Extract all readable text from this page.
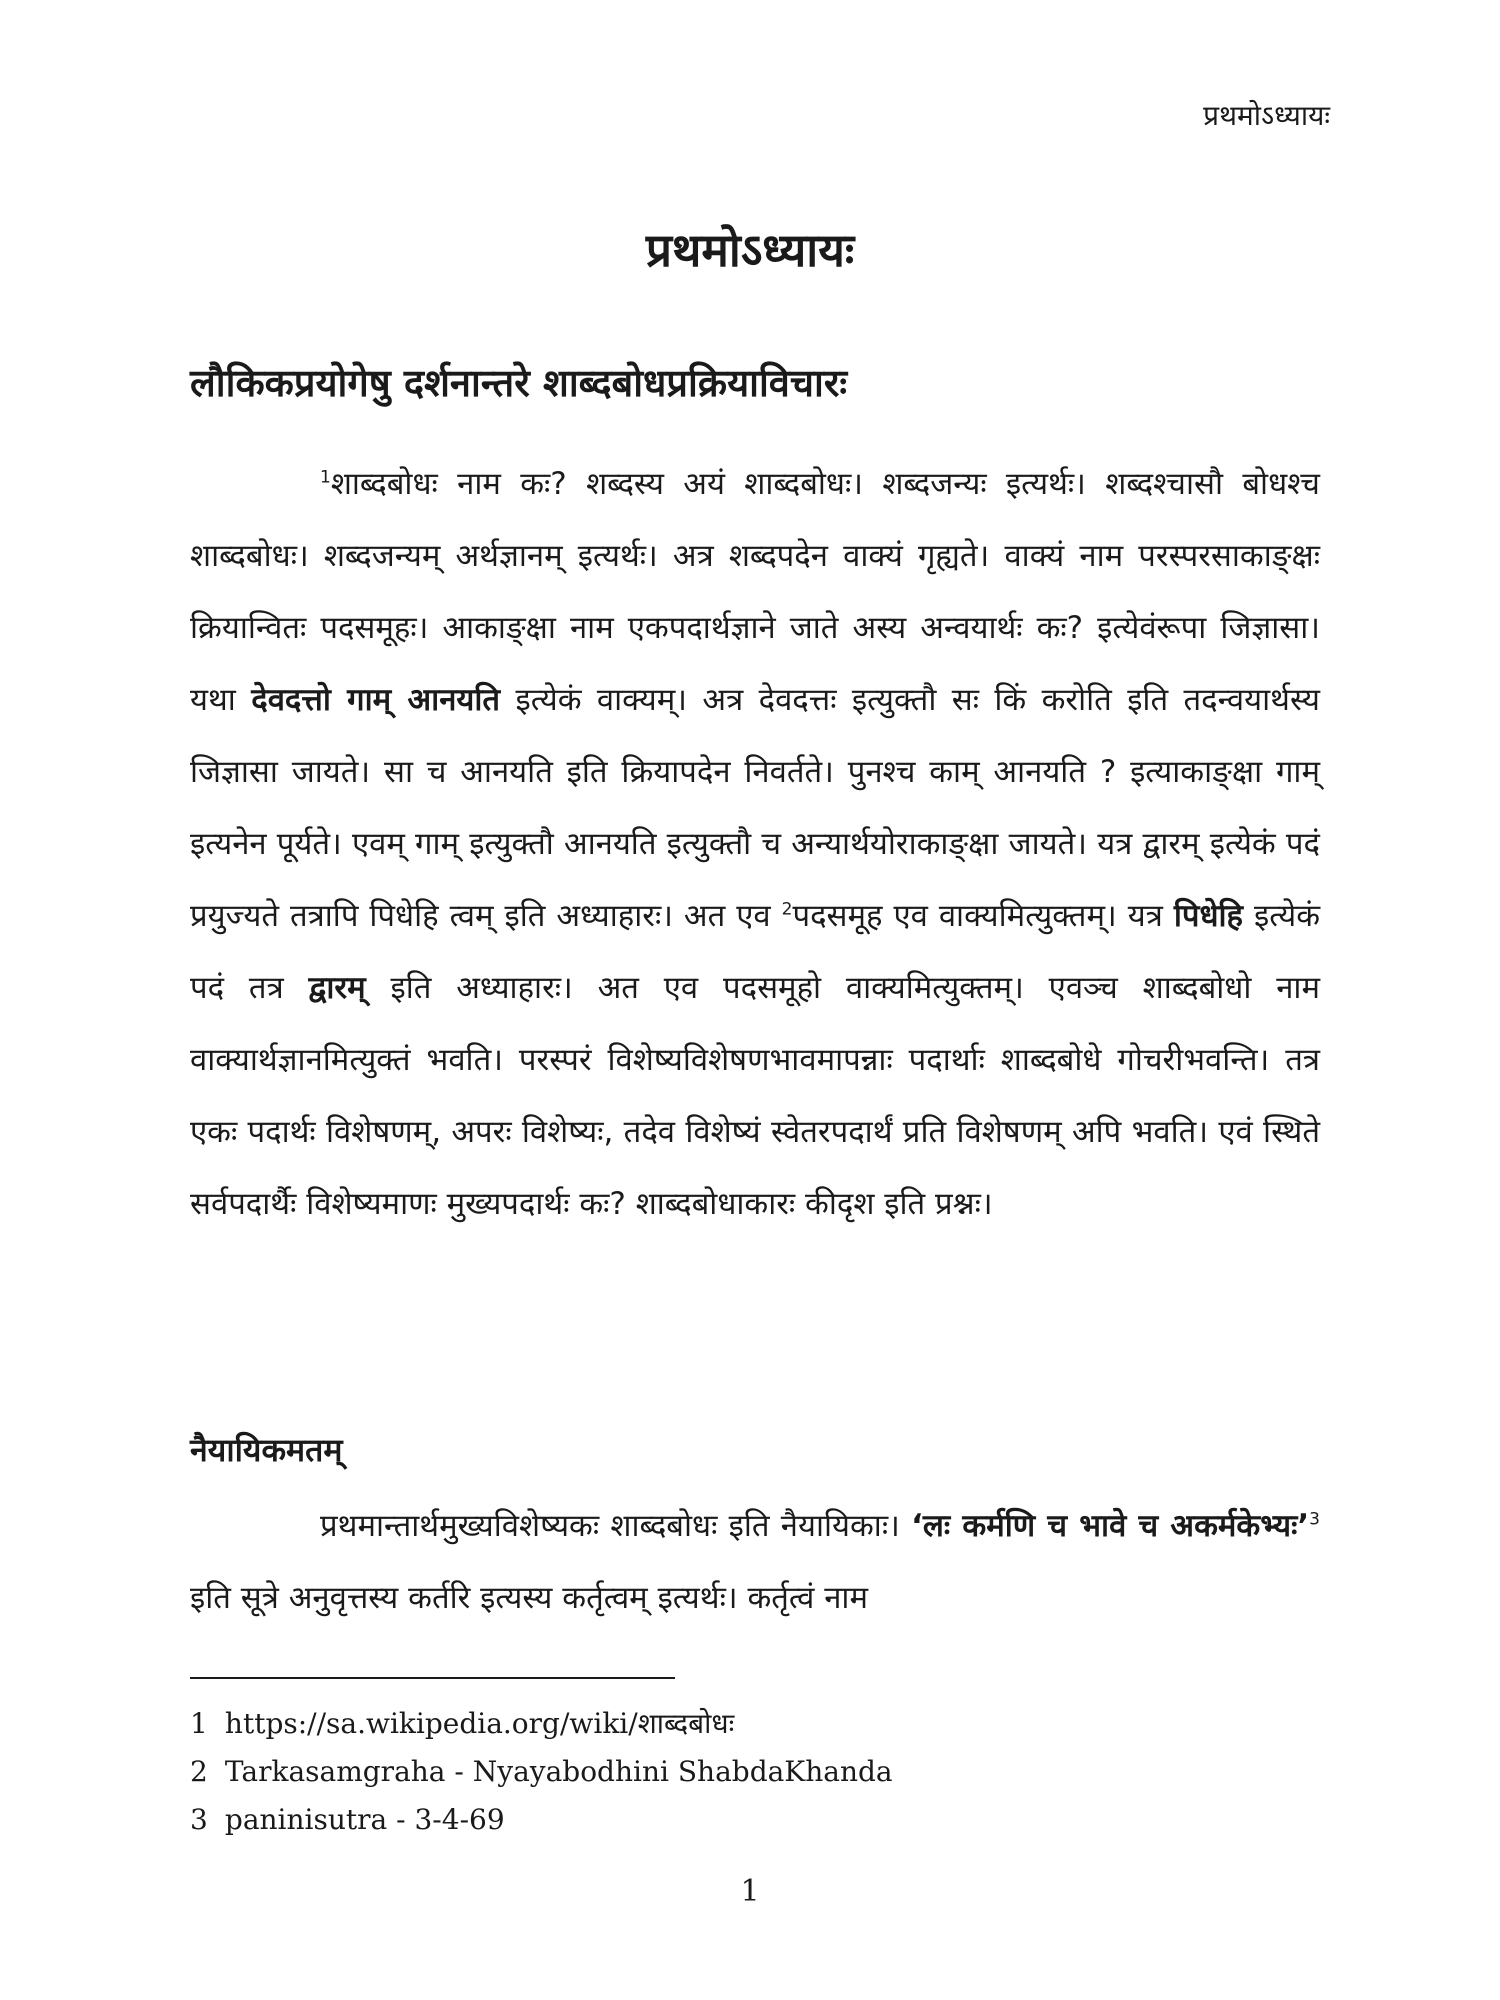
प्रथमोऽध्यायः
प्रथमोऽध्यायः
लौकिकप्रयोगेषु दर्शनान्तरे शाब्दबोधप्रक्रियाविचारः

$^1$शाब्दबोधः नाम कः? शब्दस्य अयं शाब्दबोधः। शब्दजन्यः इत्यर्थः। शब्दश्चासौ बोधश्च शाब्दबोधः। शब्दजन्यम् अर्थज्ञानम् इत्यर्थः। अत्र शब्दपदेन वाक्यं गृह्यते। वाक्यं नाम परस्परसाकाङ्क्षः क्रियान्वितः पदसमूहः। आकाङ्क्षा नाम एकपदार्थज्ञाने जाते अस्य अन्वयार्थः कः? इत्येवंरूपा जिज्ञासा। यथा देवदत्तो गाम् आनयति इत्येकं वाक्यम्। अत्र देवदत्तः इत्युक्तौ सः किं करोति इति तदन्वयार्थस्य जिज्ञासा जायते। सा च आनयति इति क्रियापदेन निवर्तते। पुनश्च काम् आनयति ? इत्याकाङ्क्षा गाम् इत्यनेन पूर्यते। एवम् गाम् इत्युक्तौ आनयति इत्युक्तौ च अन्यार्थयोराकाङ्क्षा जायते। यत्र द्वारम् इत्येकं पदं प्रयुज्यते तत्रापि पिधेहि त्वम् इति अध्याहारः। अत एव $^2$पदसमूह एव वाक्यमित्युक्तम्। यत्र पिधेहि इत्येकं पदं तत्र द्वारम् इति अध्याहारः। अत एव पदसमूहो वाक्यमित्युक्तम्। एवञ्च शाब्दबोधो नाम वाक्यार्थज्ञानमित्युक्तं भवति। परस्परं विशेष्यविशेषणभावमापन्नाः पदार्थाः शाब्दबोधे गोचरीभवन्ति। तत्र एकः पदार्थः विशेषणम्, अपरः विशेष्यः, तदेव विशेष्यं स्वेतरपदार्थं प्रति विशेषणम् अपि भवति। एवं स्थिते सर्वपदार्थैः विशेष्यमाणः मुख्यपदार्थः कः? शाब्दबोधाकारः कीदृश इति प्रश्नः।

नैयायिकमतम्

प्रथमान्तार्थमुख्यविशेष्यकः शाब्दबोधः इति नैयायिकाः। ‘लः कर्मणि च भावे च अकर्मकेभ्यः’$^3$ इति सूत्रे अनुवृत्तस्य कर्तरि इत्यस्य कर्तृत्वम् इत्यर्थः। कर्तृत्वं नाम

1 https://sa.wikipedia.org/wiki/शाब्दबोधः
2 Tarkasamgraha - Nyayabodhini ShabdaKhanda
3 paninisutra - 3-4-69
1
